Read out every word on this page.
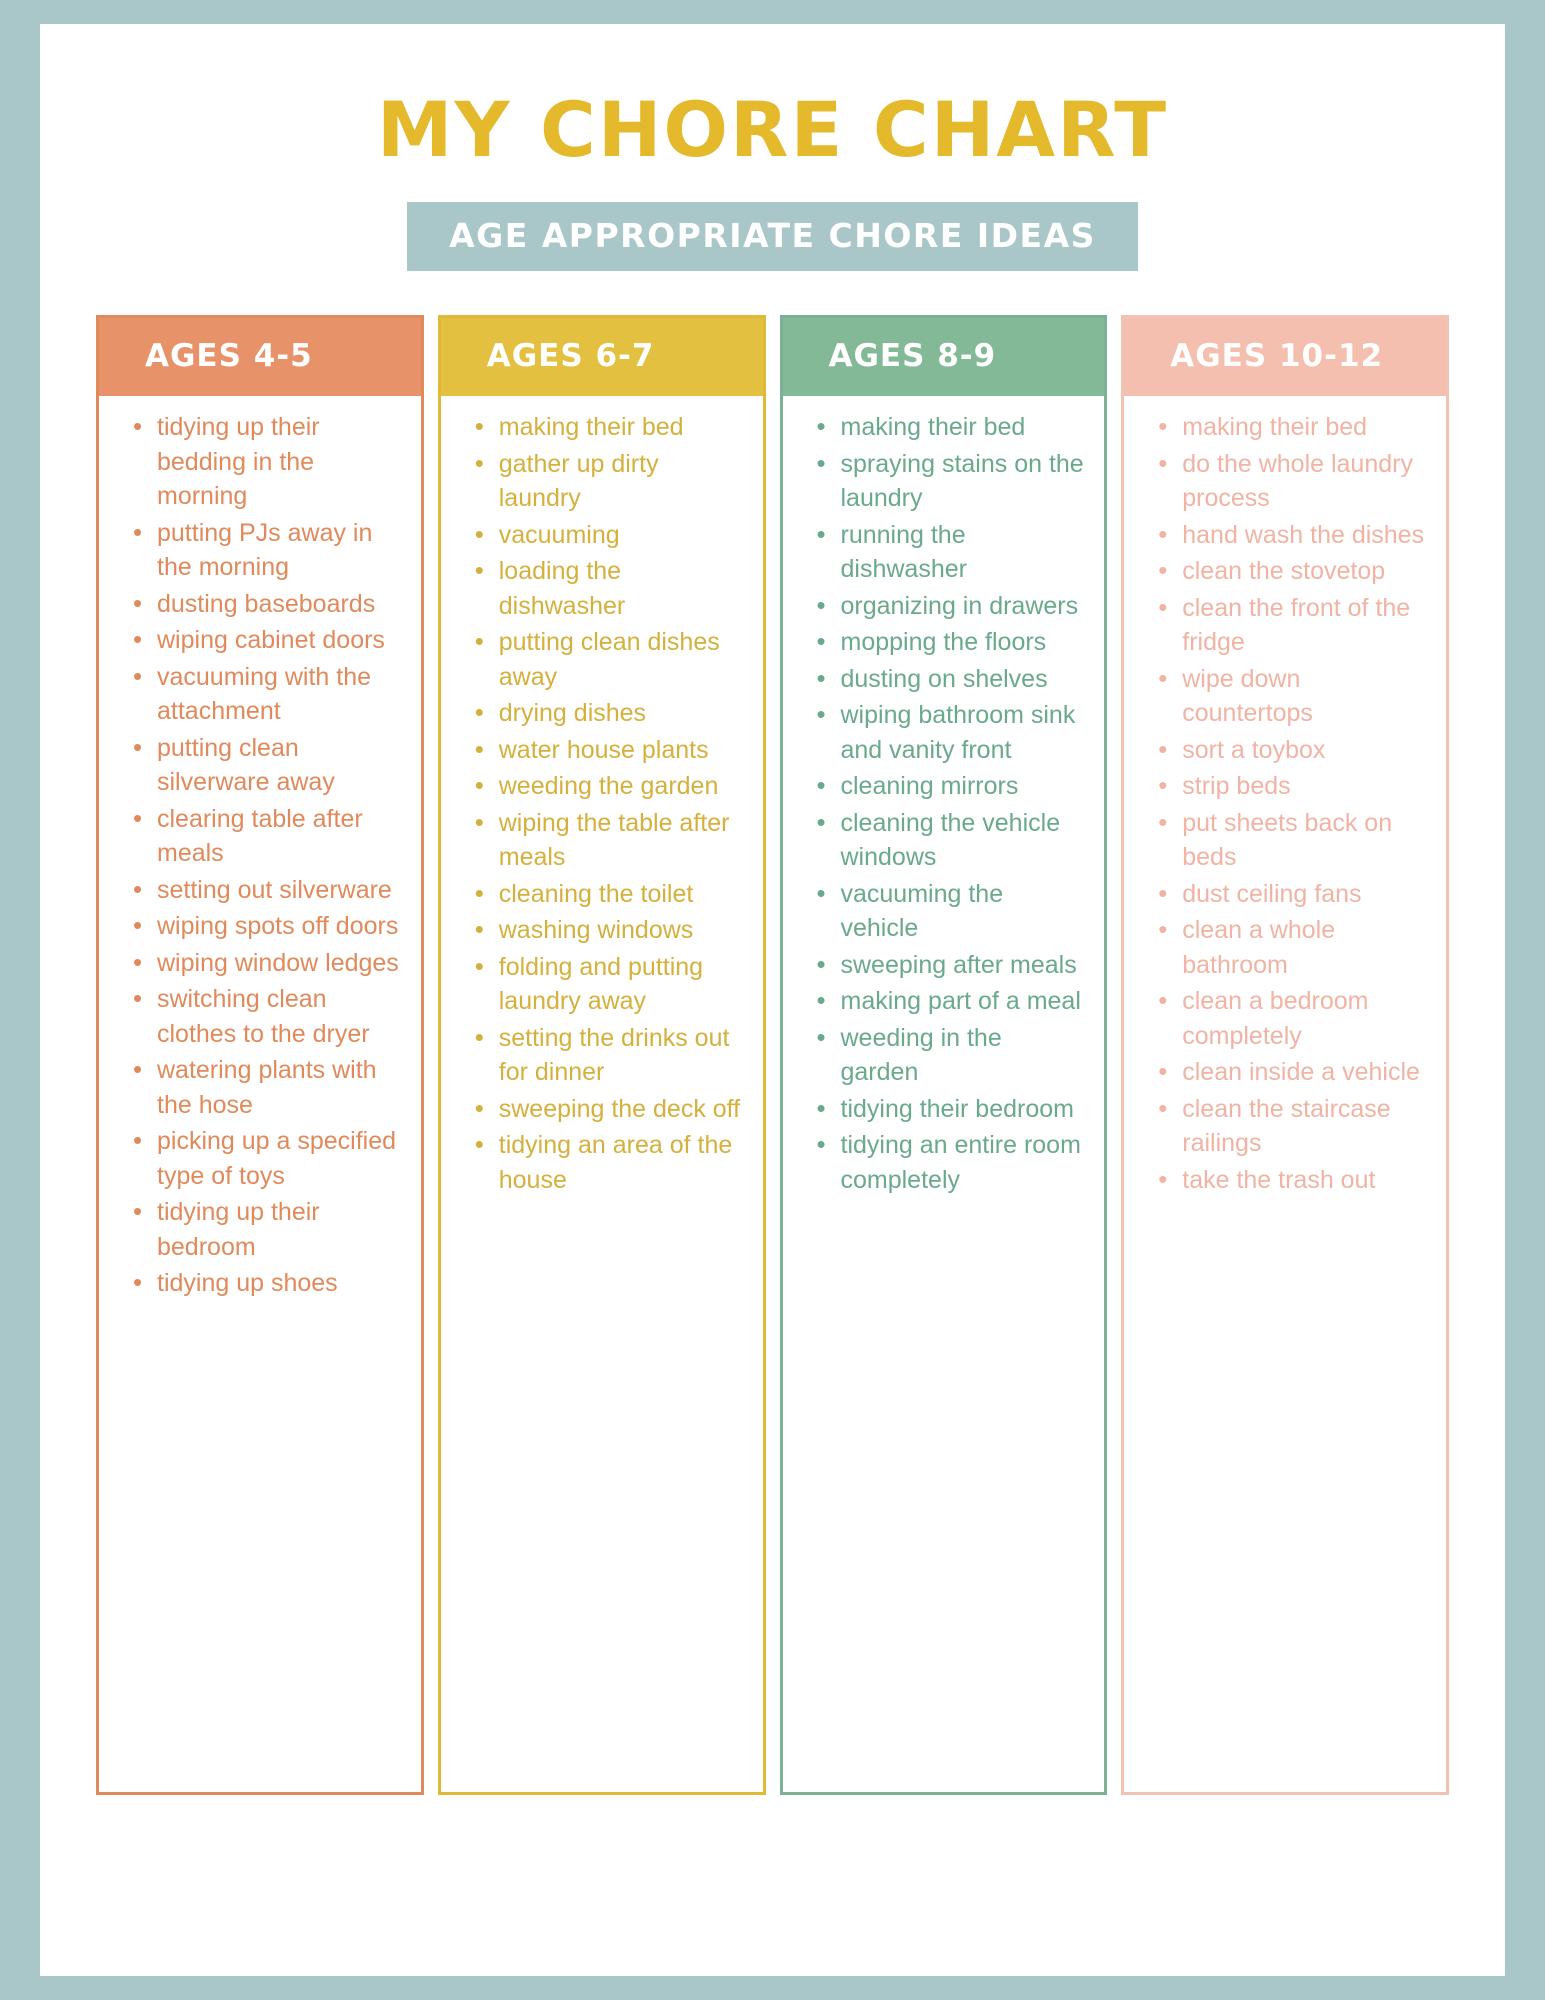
MY CHORE CHART
AGE APPROPRIATE CHORE IDEAS
AGES 4-5
• tidying up their bedding in the morning
• putting PJs away in the morning
• dusting baseboards
• wiping cabinet doors
• vacuuming with the attachment
• putting clean silverware away
• clearing table after meals
• setting out silverware
• wiping spots off doors
• wiping window ledges
• switching clean clothes to the dryer
• watering plants with the hose
• picking up a specified type of toys
• tidying up their bedroom
• tidying up shoes
AGES 6-7
• making their bed
• gather up dirty laundry
• vacuuming
• loading the dishwasher
• putting clean dishes away
• drying dishes
• water house plants
• weeding the garden
• wiping the table after meals
• cleaning the toilet
• washing windows
• folding and putting laundry away
• setting the drinks out for dinner
• sweeping the deck off
• tidying an area of the house
AGES 8-9
• making their bed
• spraying stains on the laundry
• running the dishwasher
• organizing in drawers
• mopping the floors
• dusting on shelves
• wiping bathroom sink and vanity front
• cleaning mirrors
• cleaning the vehicle windows
• vacuuming the vehicle
• sweeping after meals
• making part of a meal
• weeding in the garden
• tidying their bedroom
• tidying an entire room completely
AGES 10-12
• making their bed
• do the whole laundry process
• hand wash the dishes
• clean the stovetop
• clean the front of the fridge
• wipe down countertops
• sort a toybox
• strip beds
• put sheets back on beds
• dust ceiling fans
• clean a whole bathroom
• clean a bedroom completely
• clean inside a vehicle
• clean the staircase railings
• take the trash out
